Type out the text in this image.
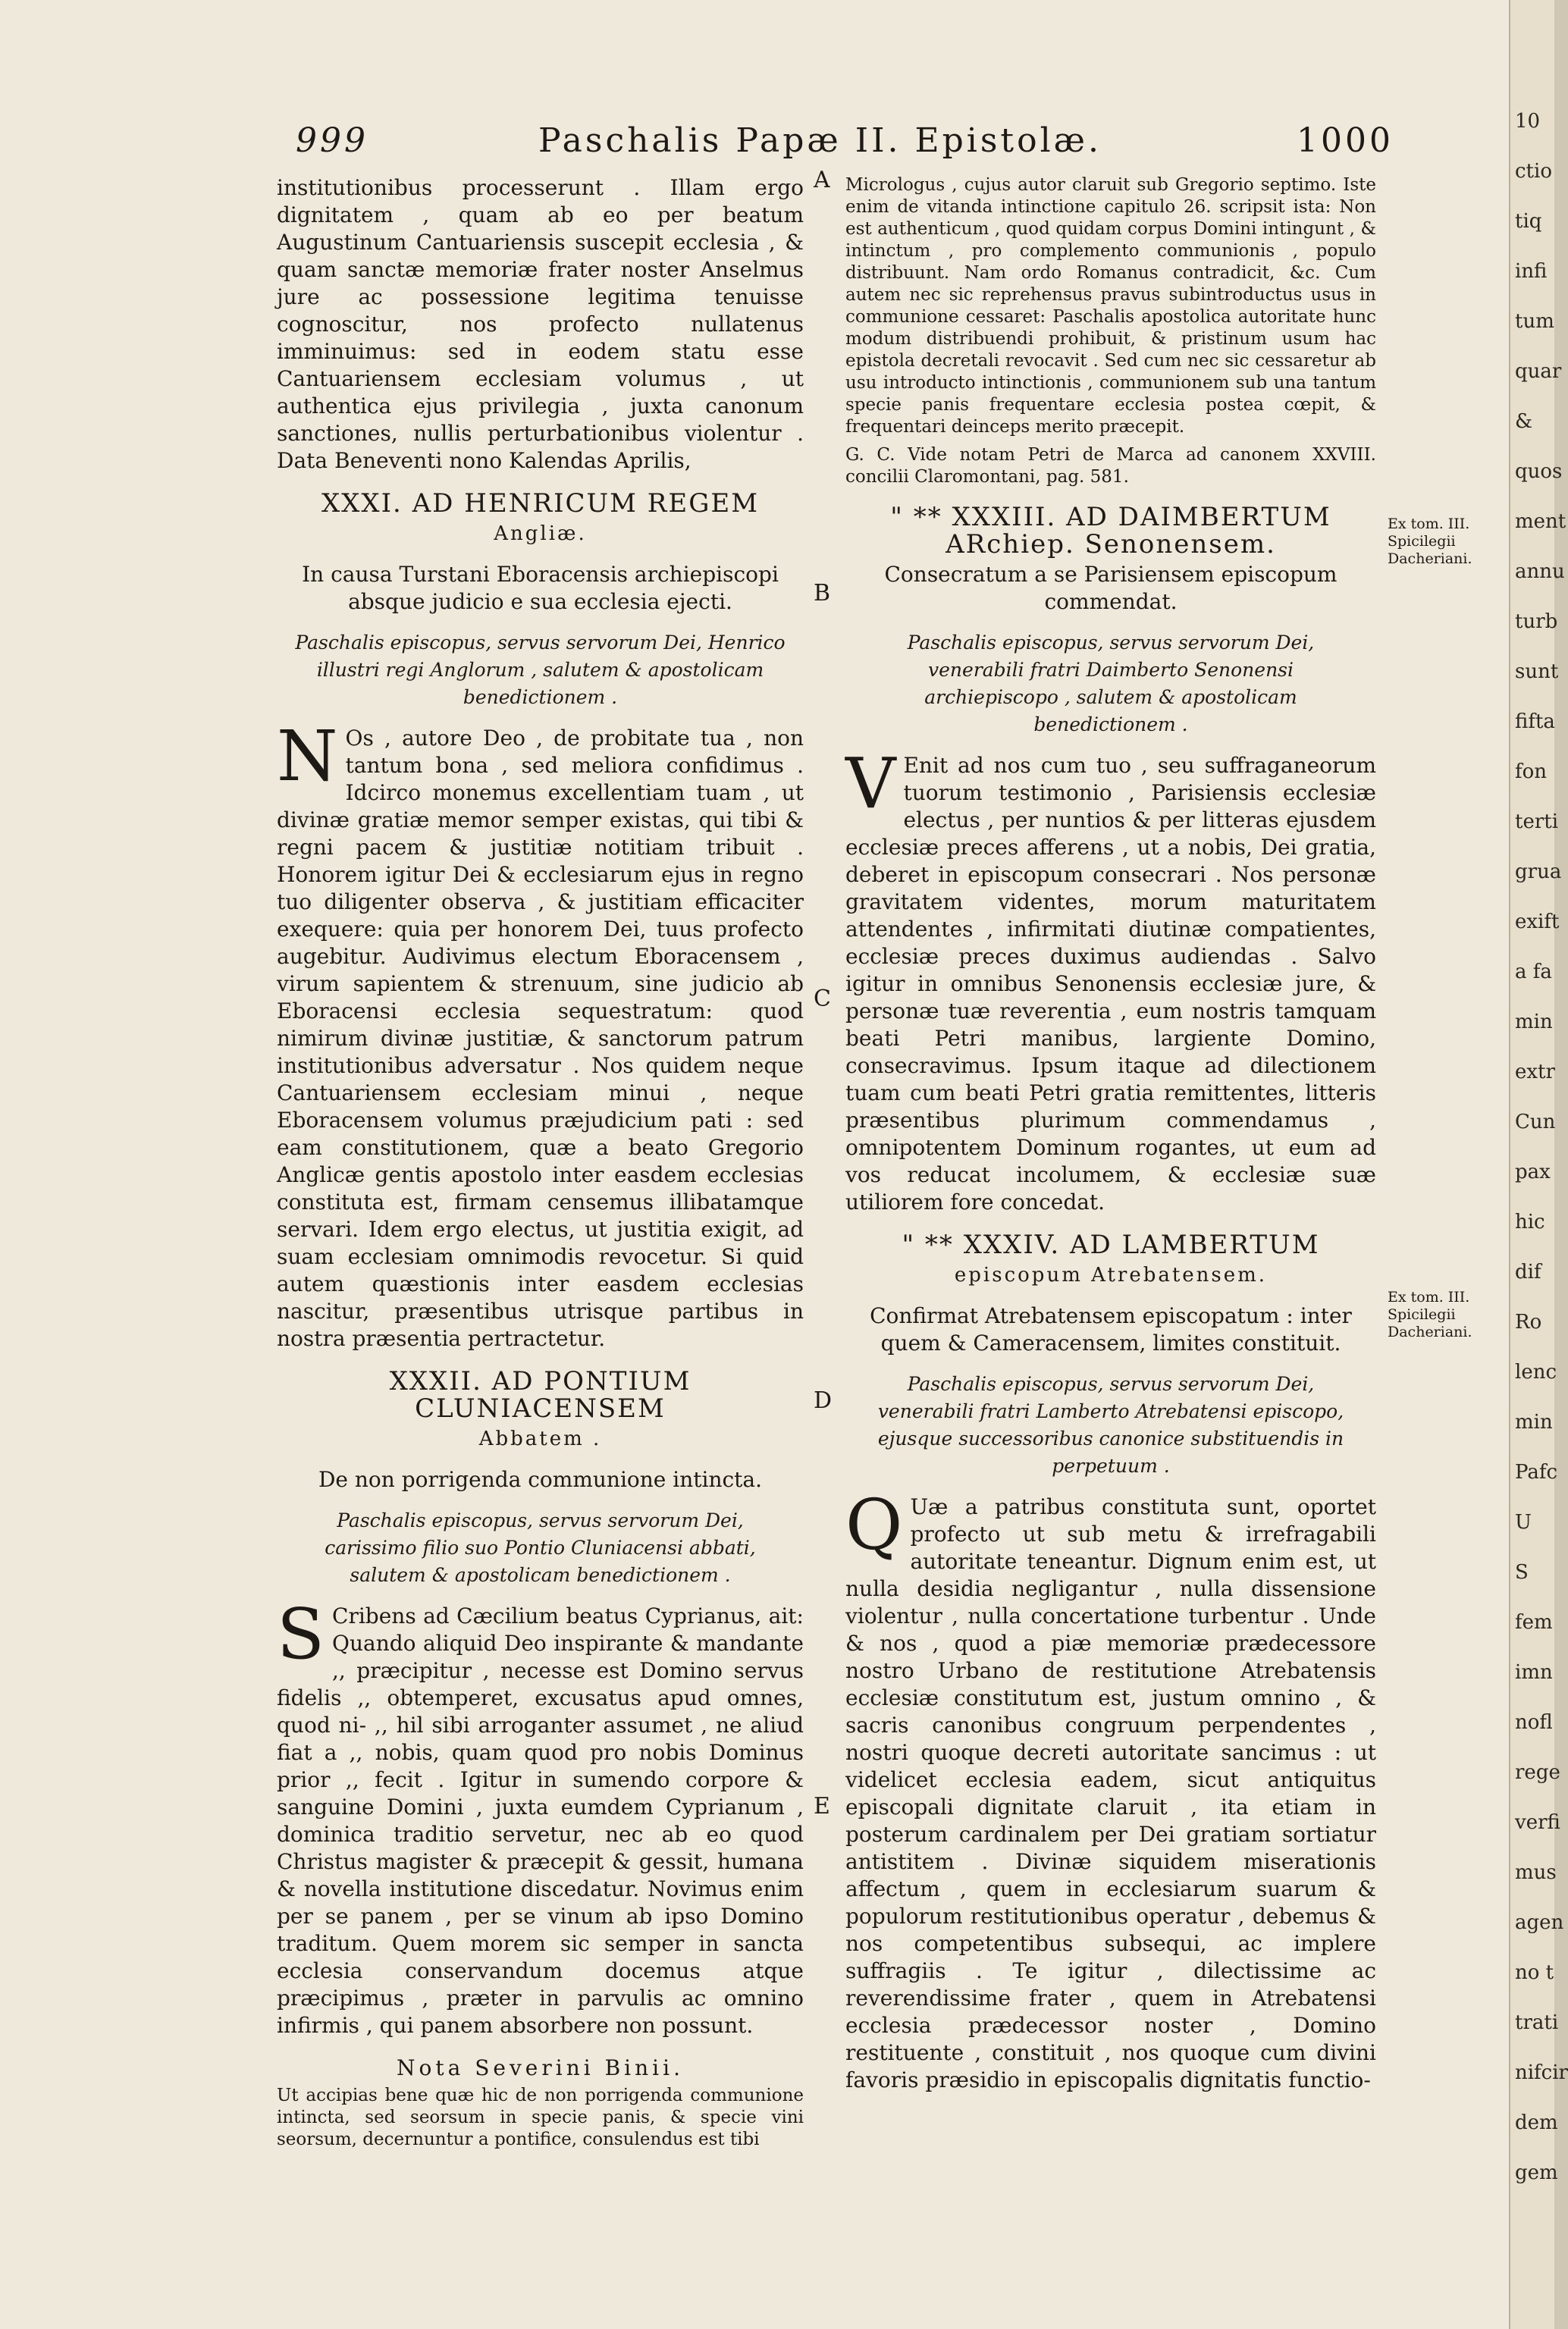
999	Paschalis Papæ II. Epistolæ.	1000
A
B
C
D
E
Ex tom. III. Spicilegii Dacheriani.
Ex tom. III. Spicilegii Dacheriani.

institutionibus processerunt . Illam ergo dignitatem , quam ab eo per beatum Augustinum Cantuariensis suscepit ecclesia , & quam sanctæ memoriæ frater noster Anselmus jure ac possessione legitima tenuisse cognoscitur, nos profecto nullatenus imminuimus: sed in eodem statu esse Cantuariensem ecclesiam volumus , ut authentica ejus privilegia , juxta canonum sanctiones, nullis perturbationibus violentur . Data Beneventi nono Kalendas Aprilis,

XXXI. AD HENRICUM REGEM
Angliæ.
In causa Turstani Eboracensis archiepiscopi absque judicio e sua ecclesia ejecti.
Paschalis episcopus, servus servorum Dei, Henrico illustri regi Anglorum , salutem & apostolicam benedictionem .

N Os , autore Deo , de probitate tua , non tantum bona , sed meliora confidimus . Idcirco monemus excellentiam tuam , ut divinæ gratiæ memor semper existas, qui tibi & regni pacem & justitiæ notitiam tribuit . Honorem igitur Dei & ecclesiarum ejus in regno tuo diligenter observa , & justitiam efficaciter exequere: quia per honorem Dei, tuus profecto augebitur. Audivimus electum Eboracensem , virum sapientem & strenuum, sine judicio ab Eboracensi ecclesia sequestratum: quod nimirum divinæ justitiæ, & sanctorum patrum institutionibus adversatur . Nos quidem neque Cantuariensem ecclesiam minui , neque Eboracensem volumus præjudicium pati : sed eam constitutionem, quæ a beato Gregorio Anglicæ gentis apostolo inter easdem ecclesias constituta est, firmam censemus illibatamque servari. Idem ergo electus, ut justitia exigit, ad suam ecclesiam omnimodis revocetur. Si quid autem quæstionis inter easdem ecclesias nascitur, præsentibus utrisque partibus in nostra præsentia pertractetur.

XXXII. AD PONTIUM CLUNIACENSEM
Abbatem .
De non porrigenda communione intincta.
Paschalis episcopus, servus servorum Dei, carissimo filio suo Pontio Cluniacensi abbati, salutem & apostolicam benedictionem .

S Cribens ad Cæcilium beatus Cyprianus, ait: Quando aliquid Deo inspirante & mandante ,, præcipitur , necesse est Domino servus fidelis ,, obtemperet, excusatus apud omnes, quod ni- ,, hil sibi arroganter assumet , ne aliud fiat a ,, nobis, quam quod pro nobis Dominus prior ,, fecit . Igitur in sumendo corpore & sanguine Domini , juxta eumdem Cyprianum , dominica traditio servetur, nec ab eo quod Christus magister & præcepit & gessit, humana & novella institutione discedatur. Novimus enim per se panem , per se vinum ab ipso Domino traditum. Quem morem sic semper in sancta ecclesia conservandum docemus atque præcipimus , præter in parvulis ac omnino infirmis , qui panem absorbere non possunt.

Nota Severini Binii.

Ut accipias bene quæ hic de non porrigenda communione intincta, sed seorsum in specie panis, & specie vini seorsum, decernuntur a pontifice, consulendus est tibi

Micrologus , cujus autor claruit sub Gregorio septimo. Iste enim de vitanda intinctione capitulo 26. scripsit ista: Non est authenticum , quod quidam corpus Domini intingunt , & intinctum , pro complemento communionis , populo distribuunt. Nam ordo Romanus contradicit, &c. Cum autem nec sic reprehensus pravus subintroductus usus in communione cessaret: Paschalis apostolica autoritate hunc modum distribuendi prohibuit, & pristinum usum hac epistola decretali revocavit . Sed cum nec sic cessaretur ab usu introducto intinctionis , communionem sub una tantum specie panis frequentare ecclesia postea cœpit, & frequentari deinceps merito præcepit.

G. C. Vide notam Petri de Marca ad canonem XXVIII. concilii Claromontani, pag. 581.

" ** XXXIII. AD DAIMBERTUM ARchiep. Senonensem.
Consecratum a se Parisiensem episcopum commendat.
Paschalis episcopus, servus servorum Dei, venerabili fratri Daimberto Senonensi archiepiscopo , salutem & apostolicam benedictionem .

V Enit ad nos cum tuo , seu suffraganeorum tuorum testimonio , Parisiensis ecclesiæ electus , per nuntios & per litteras ejusdem ecclesiæ preces afferens , ut a nobis, Dei gratia, deberet in episcopum consecrari . Nos personæ gravitatem videntes, morum maturitatem attendentes , infirmitati diutinæ compatientes, ecclesiæ preces duximus audiendas . Salvo igitur in omnibus Senonensis ecclesiæ jure, & personæ tuæ reverentia , eum nostris tamquam beati Petri manibus, largiente Domino, consecravimus. Ipsum itaque ad dilectionem tuam cum beati Petri gratia remittentes, litteris præsentibus plurimum commendamus , omnipotentem Dominum rogantes, ut eum ad vos reducat incolumem, & ecclesiæ suæ utiliorem fore concedat.

" ** XXXIV. AD LAMBERTUM
episcopum Atrebatensem.
Confirmat Atrebatensem episcopatum : inter quem & Cameracensem, limites constituit.
Paschalis episcopus, servus servorum Dei, venerabili fratri Lamberto Atrebatensi episcopo, ejusque successoribus canonice substituendis in perpetuum .

Q Uæ a patribus constituta sunt, oportet profecto ut sub metu & irrefragabili autoritate teneantur. Dignum enim est, ut nulla desidia negligantur , nulla dissensione violentur , nulla concertatione turbentur . Unde & nos , quod a piæ memoriæ prædecessore nostro Urbano de restitutione Atrebatensis ecclesiæ constitutum est, justum omnino , & sacris canonibus congruum perpendentes , nostri quoque decreti autoritate sancimus : ut videlicet ecclesia eadem, sicut antiquitus episcopali dignitate claruit , ita etiam in posterum cardinalem per Dei gratiam sortiatur antistitem . Divinæ siquidem miserationis affectum , quem in ecclesiarum suarum & populorum restitutionibus operatur , debemus & nos competentibus subsequi, ac implere suffragiis . Te igitur , dilectissime ac reverendissime frater , quem in Atrebatensi ecclesia prædecessor noster , Domino restituente , constituit , nos quoque cum divini favoris præsidio in episcopalis dignitatis functio-

10
ctio
tiq
infi
tum
quar
&
quos
ment
annu
turb
sunt
fifta
fon
terti
grua
exift
a fa
min
extr
Cun
pax
hic
dif
Ro
lenc
min
Pafc
U
S
fem
imn
nofl
rege
verfi
mus
agen
no t
trati
nifcir
dem
gem
